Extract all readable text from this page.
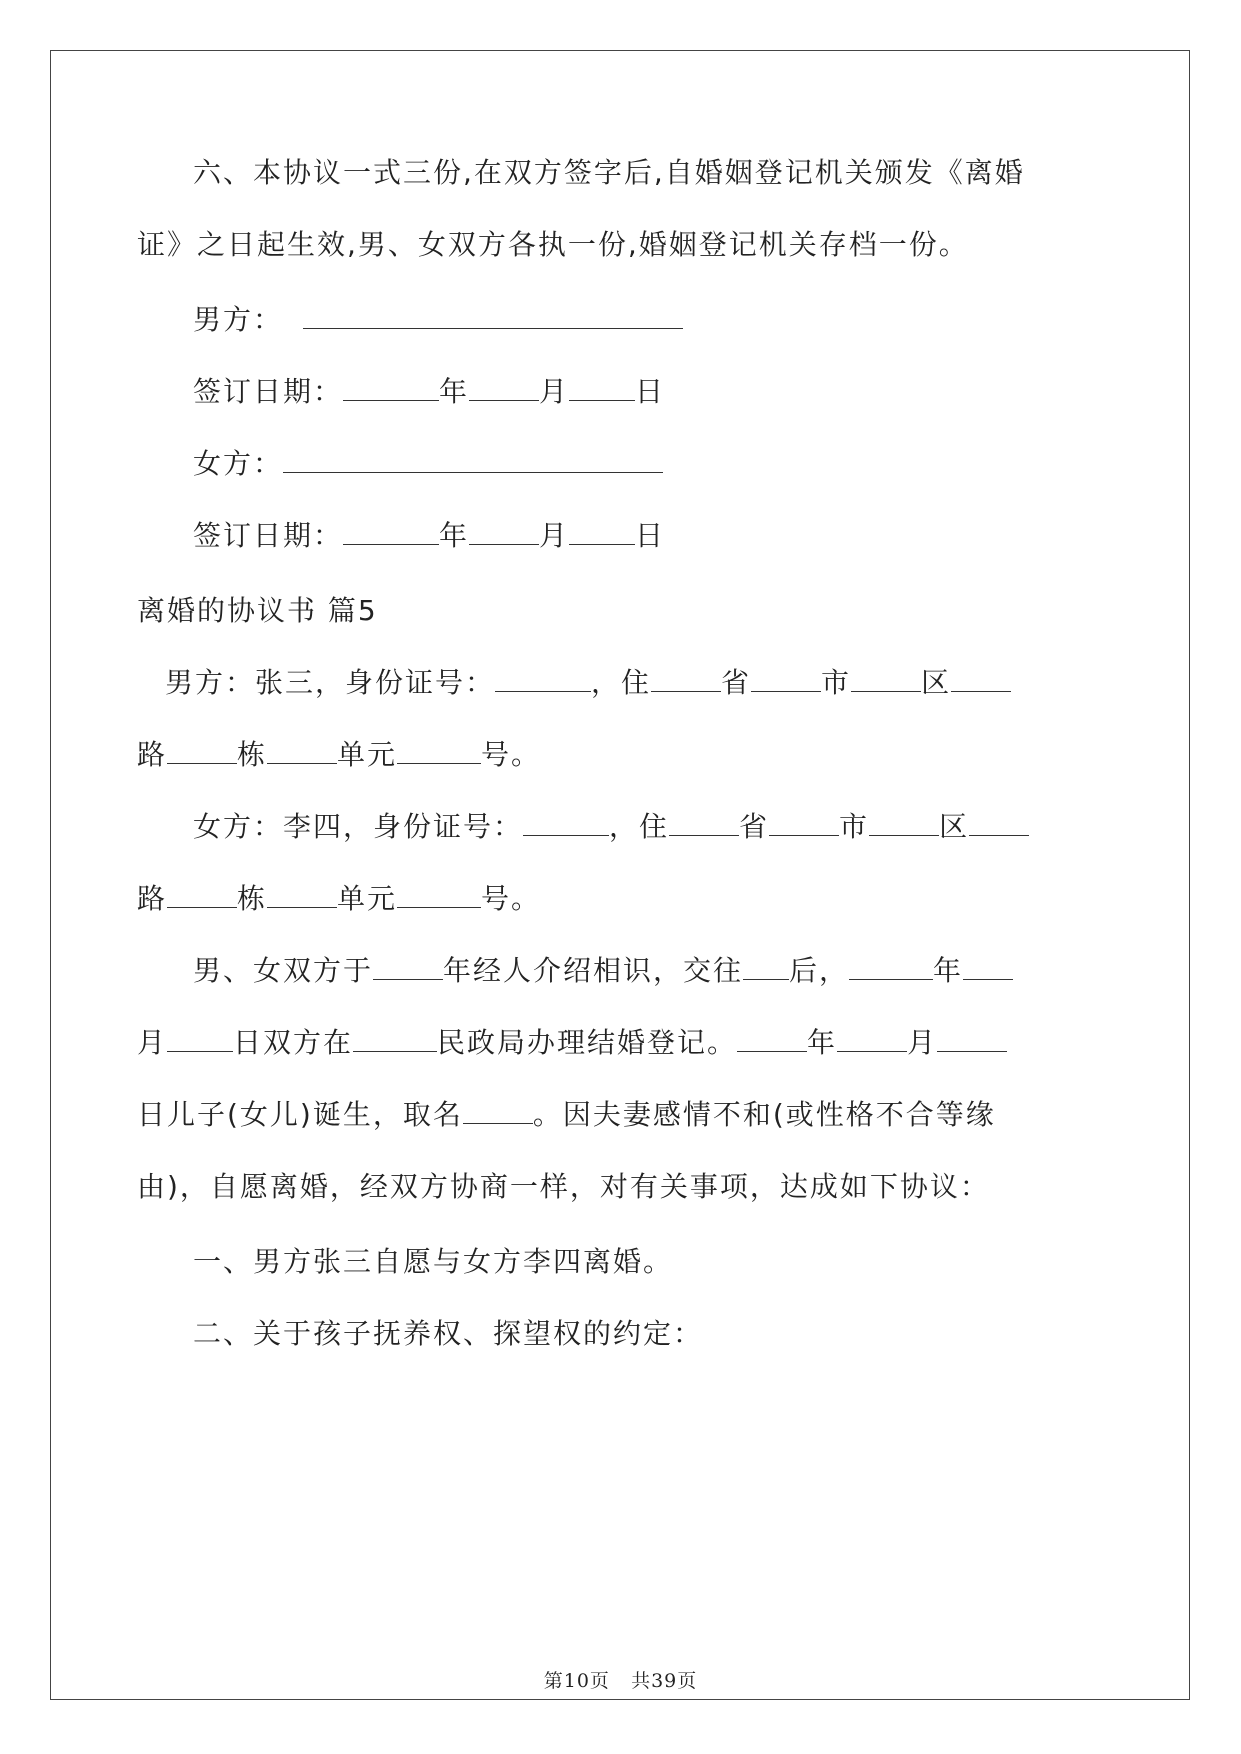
六、本协议一式三份,在双方签字后,自婚姻登记机关颁发《离婚
证》之日起生效,男、女双方各执一份,婚姻登记机关存档一份。
男方：
签订日期：	年	月 日
女方：
签订日期：	年	月 日
离婚的协议书 篇5
男方：张三，身份证号：	，住	省	市	区
路	栋	单元	号。
女方：李四，身份证号：	，住	省	市	区
路	栋	单元	号。
男、女双方于	年经人介绍相识，交往 后，	年
月 日双方在	民政局办理结婚登记。	年	月
日儿子(女儿)诞生，取名	。因夫妻感情不和(或性格不合等缘
由)，自愿离婚，经双方协商一样，对有关事项，达成如下协议：
一、男方张三自愿与女方李四离婚。
二、关于孩子抚养权、探望权的约定：
第10页 共39页
